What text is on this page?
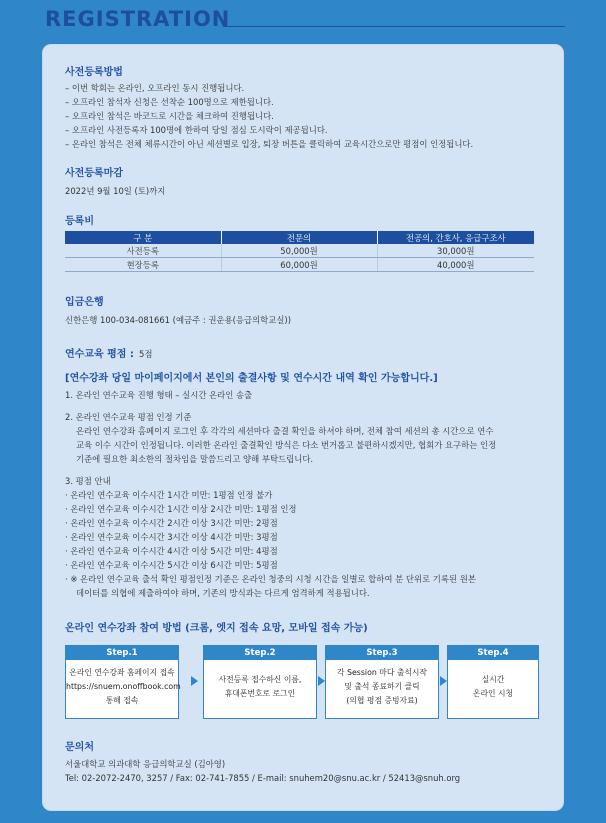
REGISTRATION

사전등록방법

– 이번 학회는 온라인, 오프라인 동시 진행됩니다.
– 오프라인 참석자 신청은 선착순 100명으로 제한됩니다.
– 오프라인 참석은 바코드로 시간을 체크하여 진행됩니다.
– 오프라인 사전등록자 100명에 한하여 당일 점심 도시락이 제공됩니다.
– 온라인 참석은 전체 체류시간이 아닌 세션별로 입장, 퇴장 버튼을 클릭하여 교육시간으로만 평점이 인정됩니다.

사전등록마감

2022년 9월 10일 (토)까지

등록비

구 분	전문의	전공의, 간호사, 응급구조사
사전등록	50,000원	30,000원
현장등록	60,000원	40,000원

입금은행

신한은행 100-034-081661 (예금주 : 권운용(응급의학교실))
연수교육 평점 : 5점

[연수강좌 당일 마이페이지에서 본인의 출결사항 및 연수시간 내역 확인 가능합니다.]

1. 온라인 연수교육 진행 형태 – 실시간 온라인 송출
2. 온라인 연수교육 평점 인정 기준
온라인 연수강좌 홈페이지 로그인 후 각각의 세션마다 출결 확인을 하셔야 하며, 전체 참여 세션의 총 시간으로 연수
교육 이수 시간이 인정됩니다. 이러한 온라인 출결확인 방식은 다소 번거롭고 불편하시겠지만, 협회가 요구하는 인정
기준에 필요한 최소한의 절차임을 말씀드리고 양해 부탁드립니다.
3. 평점 안내
· 온라인 연수교육 이수시간 1시간 미만: 1평점 인정 불가
· 온라인 연수교육 이수시간 1시간 이상 2시간 미만: 1평점 인정
· 온라인 연수교육 이수시간 2시간 이상 3시간 미만: 2평점
· 온라인 연수교육 이수시간 3시간 이상 4시간 미만: 3평점
· 온라인 연수교육 이수시간 4시간 이상 5시간 미만: 4평점
· 온라인 연수교육 이수시간 5시간 이상 6시간 미만: 5평점
· ※ 온라인 연수교육 출석 확인 평점인정 기준은 온라인 청중의 시청 시간을 일별로 합하여 분 단위로 기록된 원본
데이터를 의협에 제출하여야 하며, 기존의 방식과는 다르게 엄격하게 적용됩니다.

온라인 연수강좌 참여 방법 (크롬, 엣지 접속 요망, 모바일 접속 가능)

Step.1
온라인 연수강좌 홈페이지 접속
https://snuem.onoffbook.com
통해 접속
Step.2
사전등록 접수하신 이름,
휴대폰번호로 로그인
Step.3
각 Session 마다 출석시작
및 출석 종료하기 클릭
(의협 평점 증빙자료)
Step.4
실시간
온라인 시청

문의처

서울대학교 의과대학 응급의학교실 (김아영)
Tel: 02-2072-2470, 3257 / Fax: 02-741-7855 / E-mail: snuhem20@snu.ac.kr / 52413@snuh.org
